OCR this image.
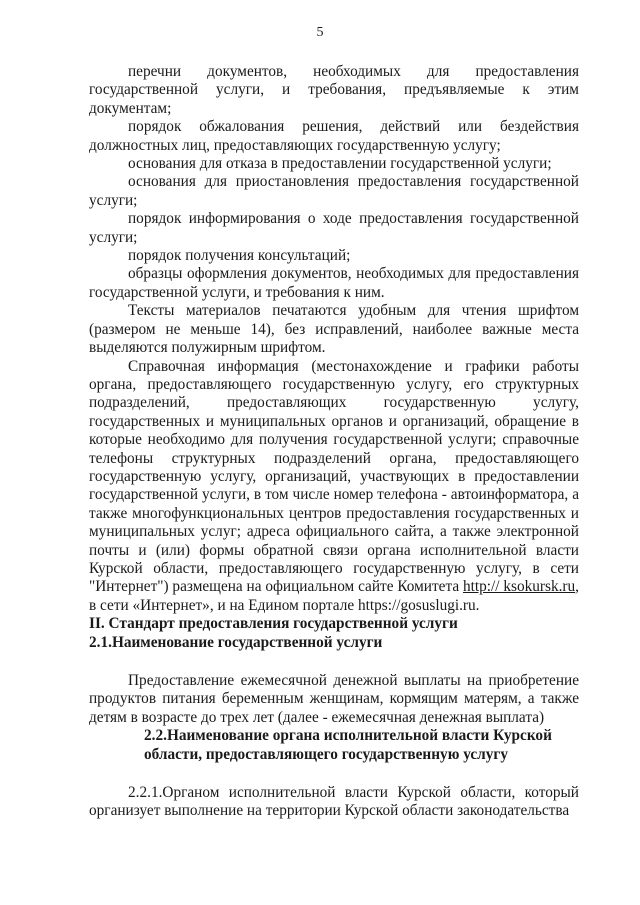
5

перечни документов, необходимых для предоставления государственной услуги, и требования, предъявляемые к этим документам;

порядок обжалования решения, действий или бездействия должностных лиц, предоставляющих государственную услугу;

основания для отказа в предоставлении государственной услуги;

основания для приостановления предоставления государственной услуги;

порядок информирования о ходе предоставления государственной услуги;

порядок получения консультаций;

образцы оформления документов, необходимых для предоставления государственной услуги, и требования к ним.

Тексты материалов печатаются удобным для чтения шрифтом (размером не меньше 14), без исправлений, наиболее важные места выделяются полужирным шрифтом.

Справочная информация (местонахождение и графики работы органа, предоставляющего государственную услугу, его структурных подразделений, предоставляющих государственную услугу, государственных и муниципальных органов и организаций, обращение в которые необходимо для получения государственной услуги; справочные телефоны структурных подразделений органа, предоставляющего государственную услугу, организаций, участвующих в предоставлении государственной услуги, в том числе номер телефона - автоинформатора, а также многофункциональных центров предоставления государственных и муниципальных услуг; адреса официального сайта, а также электронной почты и (или) формы обратной связи органа исполнительной власти Курской области, предоставляющего государственную услугу, в сети "Интернет") размещена на официальном сайте Комитета http:// ksokursk.ru, в сети «Интернет», и на Едином портале https://gosuslugi.ru.

II. Стандарт предоставления государственной услуги

2.1.Наименование государственной услуги

Предоставление ежемесячной денежной выплаты на приобретение продуктов питания беременным женщинам, кормящим матерям, а также детям в возрасте до трех лет (далее - ежемесячная денежная выплата)

2.2.Наименование органа исполнительной власти Курской

области, предоставляющего государственную услугу

2.2.1.Органом исполнительной власти Курской области, который организует выполнение на территории Курской области законодательства
